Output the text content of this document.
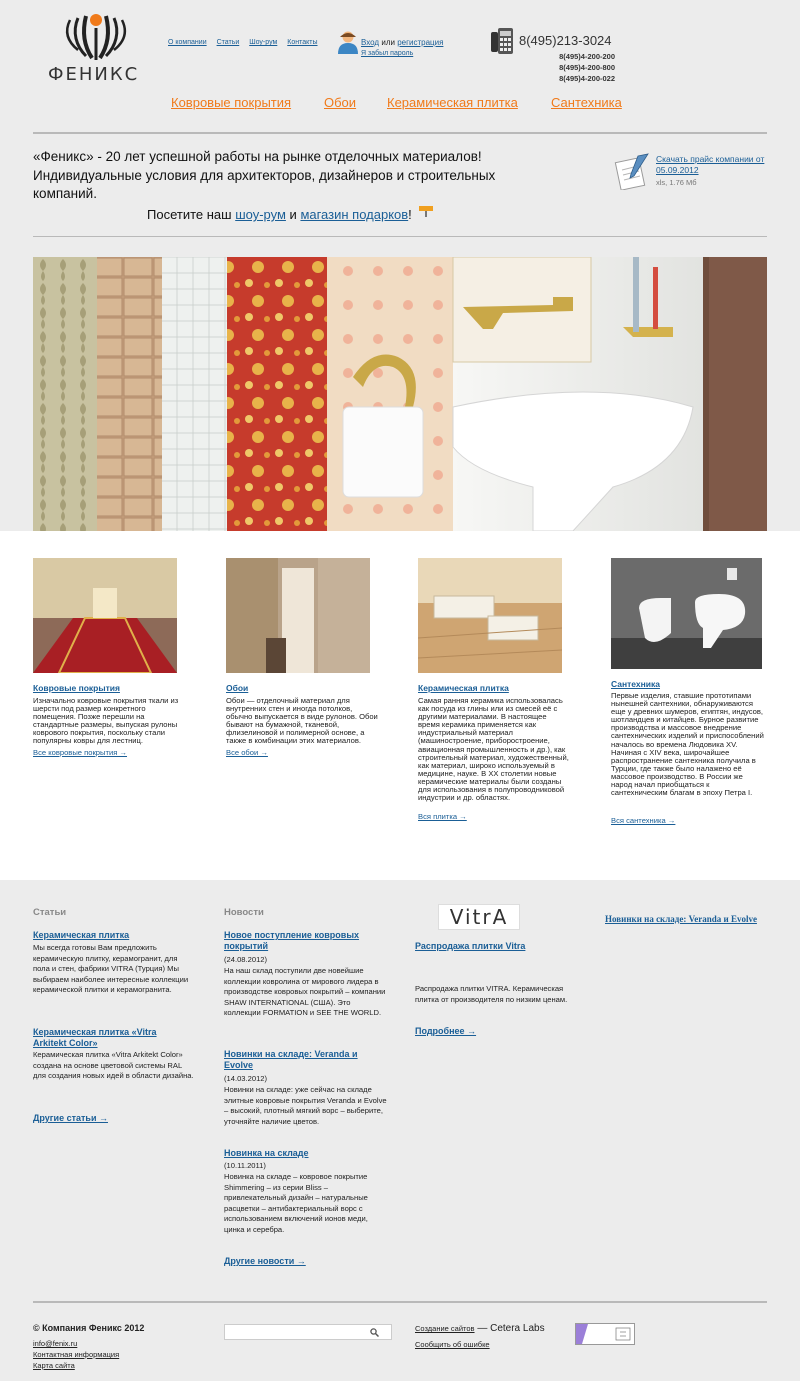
ФЕНИКС
О компании Статьи Шоу-рум Контакты	Вход или регистрация
Я забыл пароль
8(495)213-3024
8(495)4-200-200
8(495)4-200-800
8(495)4-200-022
Ковровые покрытия	Обои Керамическая плитка	Сантехника
«Феникс» - 20 лет успешной работы на рынке отделочных материалов! Индивидуальные условия для архитекторов, дизайнеров и строительных компаний.
Посетите наш шоу-рум и магазин подарков!
Скачать прайс компании от 05.09.2012
xls, 1.76 Мб
Ковровые покрытия
Изначально ковровые покрытия ткали из шерсти под размер конкретного помещения. Позже перешли на стандартные размеры, выпуская рулоны коврового покрытия, поскольку стали популярны ковры для лестниц.
Все ковровые покрытия →
Обои
Обои — отделочный материал для внутренних стен и иногда потолков, обычно выпускается в виде рулонов. Обои бывают на бумажной, тканевой, флизелиновой и полимерной основе, а также в комбинации этих материалов.
Все обои →
Керамическая плитка
Самая ранняя керамика использовалась как посуда из глины или из смесей её с другими материалами. В настоящее время керамика применяется как индустриальный материал (машиностроение, приборостроение, авиационная промышленность и др.), как строительный материал, художественный, как материал, широко используемый в медицине, науке. В XX столетии новые керамические материалы были созданы для использования в полупроводниковой индустрии и др. областях.
Вся плитка →
Сантехника
Первые изделия, ставшие прототипами нынешней сантехники, обнаруживаются еще у древних шумеров, египтян, индусов, шотландцев и китайцев. Бурное развитие производства и массовое внедрение сантехнических изделий и приспособлений началось во времена Людовика XV. Начиная с XIV века, широчайшее распространение сантехника получила в Турции, где также было налажено её массовое производство. В России же народ начал приобщаться к сантехническим благам в эпоху Петра I.
Вся сантехника →
Статьи
Керамическая плитка
Мы всегда готовы Вам предложить керамическую плитку, керамогранит, для пола и стен, фабрики VITRA (Турция) Мы выбираем наиболее интересные коллекции керамической плитки и керамогранита.
Керамическая плитка «Vitra Arkitekt Color»
Керамическая плитка «Vitra Arkitekt Color» создана на основе цветовой системы RAL для создания новых идей в области дизайна.
Другие статьи →
Новости
Новое поступление ковровых покрытий
(24.08.2012)
На наш склад поступили две новейшие коллекции ковролина от мирового лидера в производстве ковровых покрытий – компании SHAW INTERNATIONAL (США). Это коллекции FORMATION и SEE THE WORLD.
Новинки на складе: Veranda и Evolve
(14.03.2012)
Новинки на складе: уже сейчас на складе элитные ковровые покрытия Veranda и Evolve – высокий, плотный мягкий ворс – выберите, уточняйте наличие цветов.
Новинка на складе
(10.11.2011)
Новинка на складе – ковровое покрытие Shimmering – из серии Bliss – привлекательный дизайн – натуральные расцветки – антибактериальный ворс с использованием включений ионов меди, цинка и серебра.
Другие новости →
VitrA
Распродажа плитки Vitra
Распродажа плитки VITRA. Керамическая плитка от производителя по низким ценам.
Подробнее →
Новинки на складе: Veranda и Evolve
© Компания Феникс 2012
info@fenix.ru
Контактная информация
Карта сайта
Создание сайтов — Cetera Labs
Сообщить об ошибке
